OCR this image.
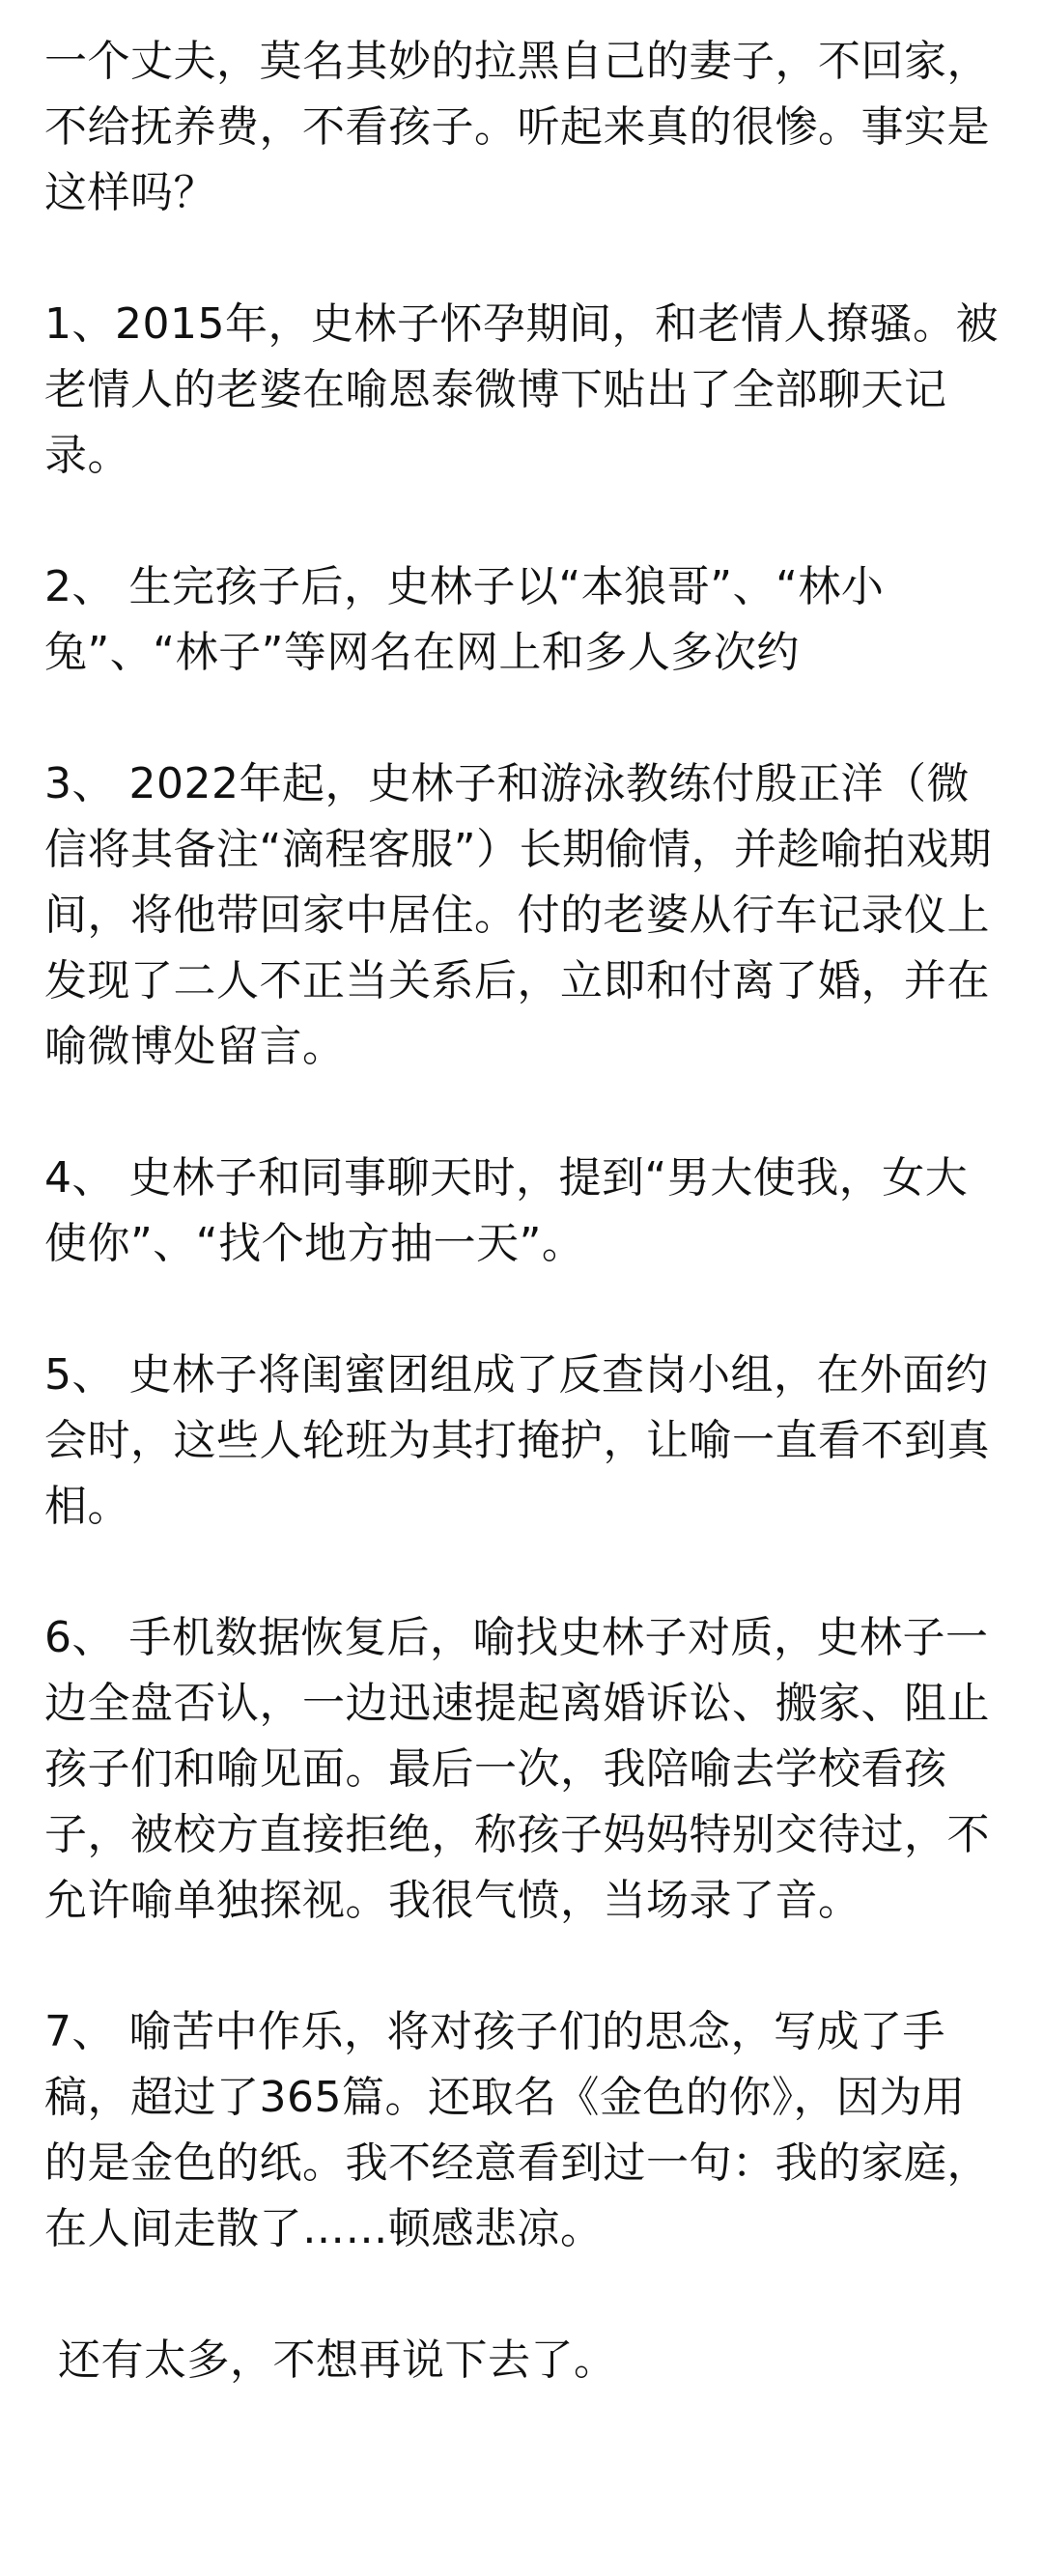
一个丈夫，莫名其妙的拉黑自己的妻子，不回家，不给抚养费，不看孩子。听起来真的很惨。事实是这样吗？

1、2015年，史林子怀孕期间，和老情人撩骚。被老情人的老婆在喻恩泰微博下贴出了全部聊天记录。

2、 生完孩子后，史林子以“本狼哥”、“林小兔”、“林子”等网名在网上和多人多次约

3、 2022年起，史林子和游泳教练付殷正洋（微信将其备注“滴程客服”）长期偷情，并趁喻拍戏期间，将他带回家中居住。付的老婆从行车记录仪上发现了二人不正当关系后，立即和付离了婚，并在喻微博处留言。

4、 史林子和同事聊天时，提到“男大使我，女大使你”、“找个地方抽一天”。

5、 史林子将闺蜜团组成了反查岗小组，在外面约会时，这些人轮班为其打掩护，让喻一直看不到真相。

6、 手机数据恢复后，喻找史林子对质，史林子一边全盘否认，一边迅速提起离婚诉讼、搬家、阻止孩子们和喻见面。最后一次，我陪喻去学校看孩子，被校方直接拒绝，称孩子妈妈特别交待过，不允许喻单独探视。我很气愤，当场录了音。

7、 喻苦中作乐，将对孩子们的思念，写成了手稿，超过了365篇。还取名《金色的你》，因为用的是金色的纸。我不经意看到过一句：我的家庭，在人间走散了……顿感悲凉。

还有太多，不想再说下去了。
